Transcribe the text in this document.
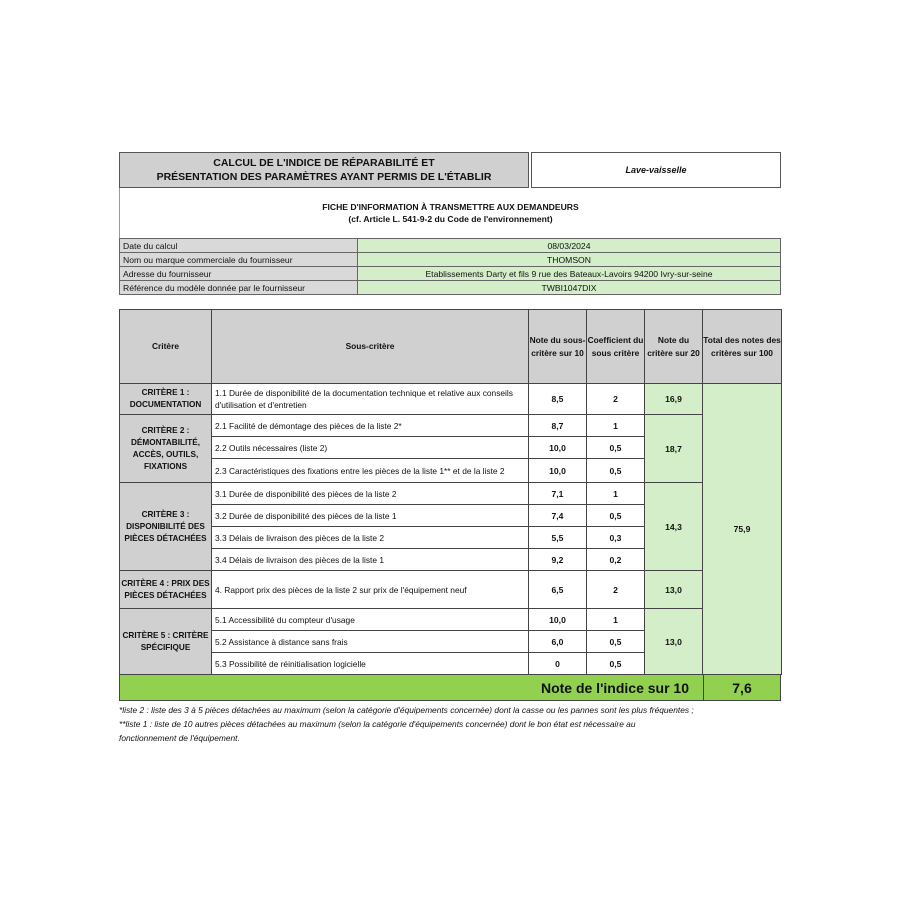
CALCUL DE L'INDICE DE RÉPARABILITÉ ET
PRÉSENTATION DES PARAMÈTRES AYANT PERMIS DE L'ÉTABLIR
Lave-vaisselle
FICHE D'INFORMATION À TRANSMETTRE AUX DEMANDEURS
(cf. Article L. 541-9-2 du Code de l'environnement)
Date du calcul	08/03/2024
Nom ou marque commerciale du fournisseur	THOMSON
Adresse du fournisseur	Etablissements Darty et fils 9 rue des Bateaux-Lavoirs 94200 Ivry-sur-seine
Référence du modèle donnée par le fournisseur	TWBI1047DIX
Critère	Sous-critère	Note du sous-critère sur 10	Coefficient du sous critère	Note du critère sur 20	Total des notes des critères sur 100
CRITÈRE 1 : DOCUMENTATION	1.1 Durée de disponibilité de la documentation technique et relative aux conseils d'utilisation et d'entretien	8,5	2	16,9	75,9
CRITÈRE 2 : DÉMONTABILITÉ, ACCÈS, OUTILS, FIXATIONS	2.1 Facilité de démontage des pièces de la liste 2*	8,7	1	18,7	
	2.2 Outils nécessaires (liste 2)	10,0	0,5		
	2.3 Caractéristiques des fixations entre les pièces de la liste 1** et de la liste 2	10,0	0,5		
CRITÈRE 3 : DISPONIBILITÉ DES PIÈCES DÉTACHÉES	3.1 Durée de disponibilité des pièces de la liste 2	7,1	1	14,3	
	3.2 Durée de disponibilité des pièces de la liste 1	7,4	0,5		
	3.3 Délais de livraison des pièces de la liste 2	5,5	0,3		
	3.4 Délais de livraison des pièces de la liste 1	9,2	0,2		
CRITÈRE 4 : PRIX DES PIÈCES DÉTACHÉES	4. Rapport prix des pièces de la liste 2 sur prix de l'équipement neuf	6,5	2	13,0	
CRITÈRE 5 : CRITÈRE SPÉCIFIQUE	5.1 Accessibilité du compteur d'usage	10,0	1	13,0	
	5.2 Assistance à distance sans frais	6,0	0,5		
	5.3 Possibilité de réinitialisation logicielle	0	0,5		
Note de l'indice sur 10	7,6
*liste 2 : liste des 3 à 5 pièces détachées au maximum (selon la catégorie d'équipements concernée) dont la casse ou les pannes sont les plus fréquentes ;
**liste 1 : liste de 10 autres pièces détachées au maximum (selon la catégorie d'équipements concernée) dont le bon état est nécessaire au
fonctionnement de l'équipement.
